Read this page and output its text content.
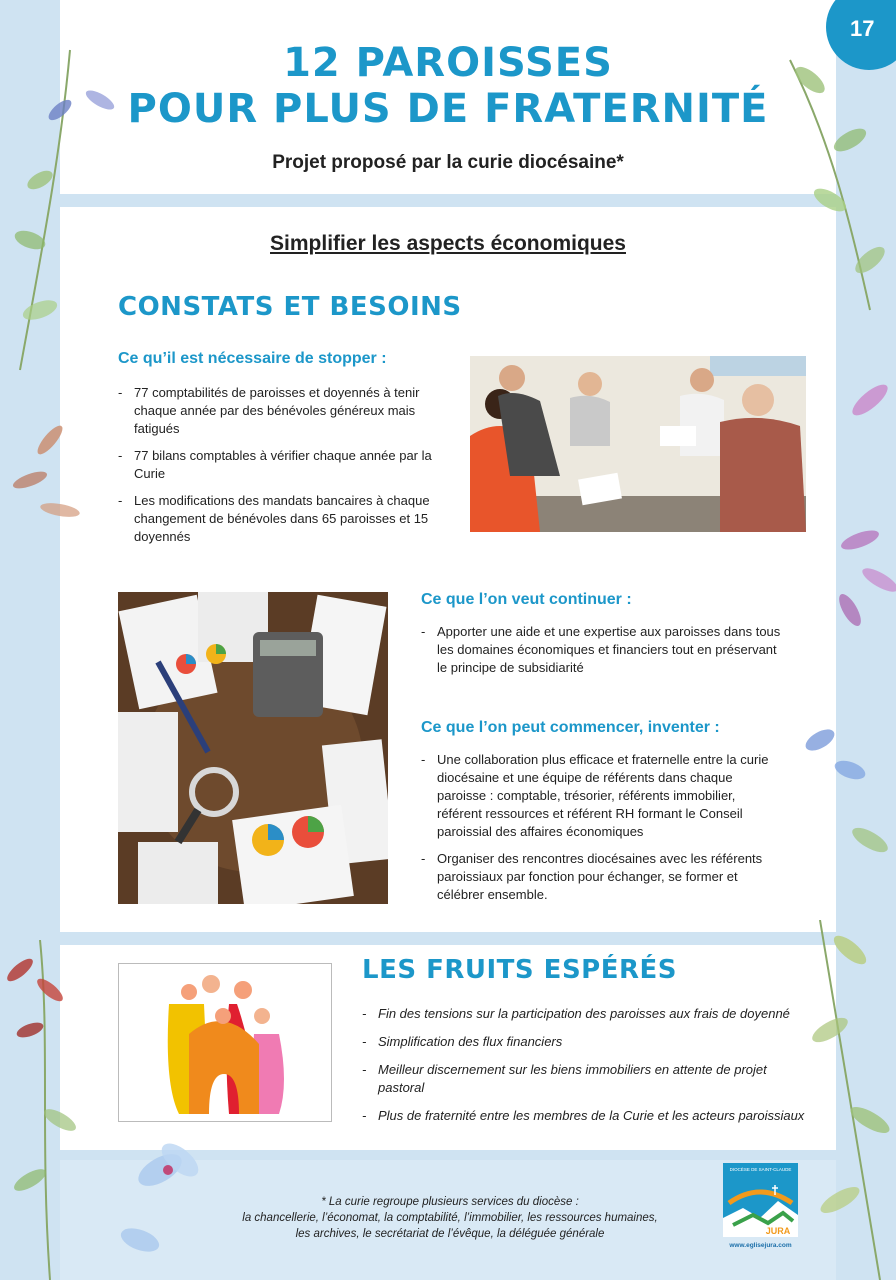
17
12 PAROISSES
POUR PLUS DE FRATERNITÉ
Projet proposé par la curie diocésaine*
Simplifier les aspects économiques
CONSTATS ET BESOINS
Ce qu’il est nécessaire de stopper :
- 77 comptabilités de paroisses et doyennés à tenir chaque année par des bénévoles généreux mais fatigués
- 77 bilans comptables à vérifier chaque année par la Curie
- Les modifications des mandats bancaires à chaque changement de bénévoles dans 65 paroisses et 15 doyennés
Ce que l’on veut continuer :
- Apporter une aide et une expertise aux paroisses dans tous les domaines économiques et financiers tout en préservant le principe de subsidiarité
Ce que l’on peut commencer, inventer :
- Une collaboration plus efficace et fraternelle entre la curie diocésaine et une équipe de référents dans chaque paroisse : comptable, trésorier, référents immobilier, référent ressources et référent RH formant le Conseil paroissial des affaires économiques
- Organiser des rencontres diocésaines avec les référents paroissiaux par fonction pour échanger, se former et célébrer ensemble.
LES FRUITS ESPÉRÉS
- Fin des tensions sur la participation des paroisses aux frais de doyenné
- Simplification des flux financiers
- Meilleur discernement sur les biens immobiliers en attente de projet pastoral
- Plus de fraternité entre les membres de la Curie et les acteurs paroissiaux
* La curie regroupe plusieurs services du diocèse :
la chancellerie, l’économat, la comptabilité, l’immobilier, les ressources humaines,
les archives, le secrétariat de l’évêque, la déléguée générale
DIOCÈSE DE SAINT-CLAUDE
JURA
www.eglisejura.com
